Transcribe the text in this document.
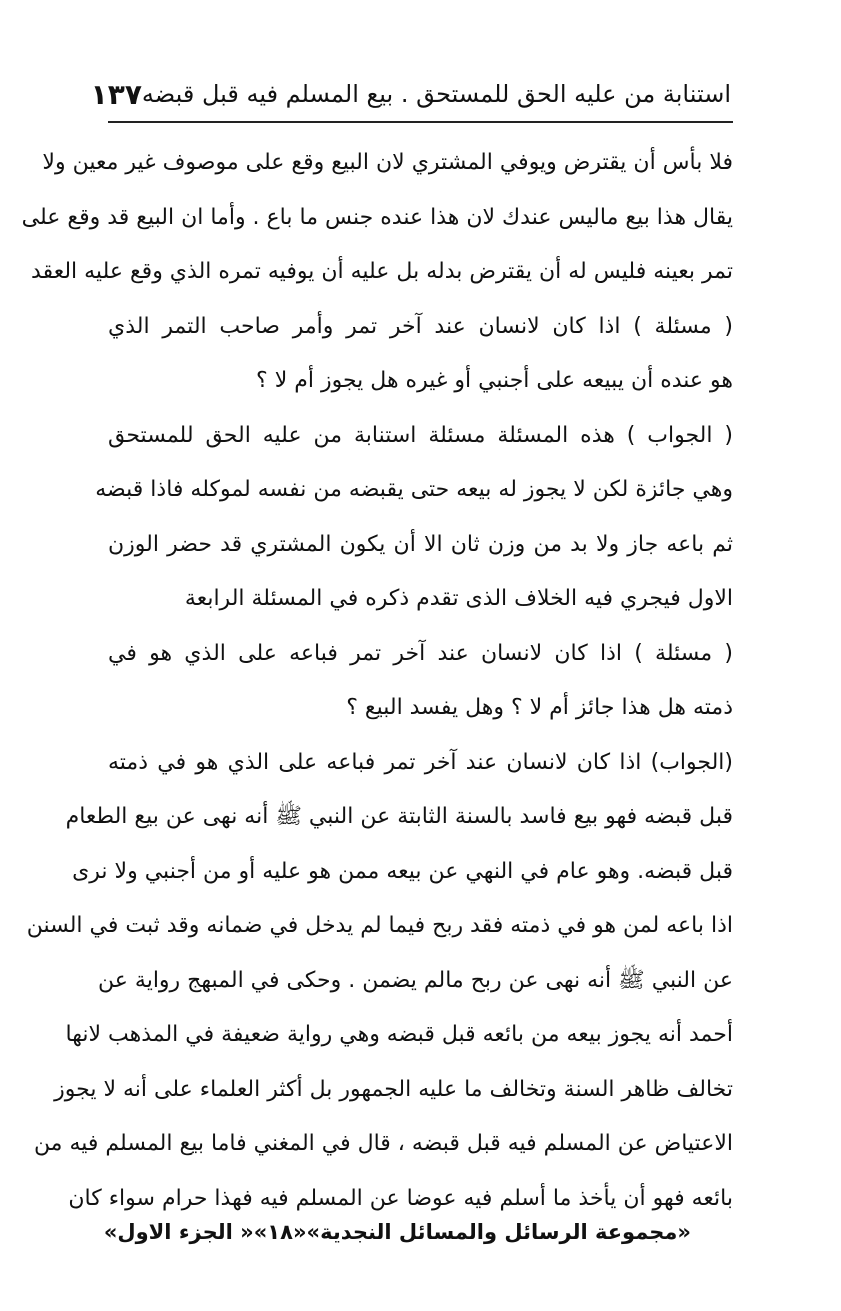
استنابة من عليه الحق للمستحق . بيع المسلم فيه قبل قبضه
١٣٧
فلا بأس أن يقترض ويوفي المشتري لان البيع وقع على موصوف غير معين ولا
يقال هذا بيع ماليس عندك لان هذا عنده جنس ما باع . وأما ان البيع قد وقع على
تمر بعينه فليس له أن يقترض بدله بل عليه أن يوفيه تمره الذي وقع عليه العقد
( مسئلة ) اذا كان لانسان عند آخر تمر وأمر صاحب التمر الذي
هو عنده أن يبيعه على أجنبي أو غيره هل يجوز أم لا ؟
( الجواب ) هذه المسئلة مسئلة استنابة من عليه الحق للمستحق
وهي جائزة لكن لا يجوز له بيعه حتى يقبضه من نفسه لموكله فاذا قبضه
ثم باعه جاز ولا بد من وزن ثان الا أن يكون المشتري قد حضر الوزن
الاول فيجري فيه الخلاف الذى تقدم ذكره في المسئلة الرابعة
( مسئلة ) اذا كان لانسان عند آخر تمر فباعه على الذي هو في
ذمته هل هذا جائز أم لا ؟ وهل يفسد البيع ؟
(الجواب) اذا كان لانسان عند آخر تمر فباعه على الذي هو في ذمته
قبل قبضه فهو بيع فاسد بالسنة الثابتة عن النبي ﷺ أنه نهى عن بيع الطعام
قبل قبضه. وهو عام في النهي عن بيعه ممن هو عليه أو من أجنبي ولا نرى
اذا باعه لمن هو في ذمته فقد ربح فيما لم يدخل في ضمانه وقد ثبت في السنن
عن النبي ﷺ أنه نهى عن ربح مالم يضمن . وحكى في المبهج رواية عن
أحمد أنه يجوز بيعه من بائعه قبل قبضه وهي رواية ضعيفة في المذهب لانها
تخالف ظاهر السنة وتخالف ما عليه الجمهور بل أكثر العلماء على أنه لا يجوز
الاعتياض عن المسلم فيه قبل قبضه ، قال في المغني فاما بيع المسلم فيه من
بائعه فهو أن يأخذ ما أسلم فيه عوضا عن المسلم فيه فهذا حرام سواء كان
«مجموعة الرسائل والمسائل النجدية»
«١٨»
« الجزء الاول»
